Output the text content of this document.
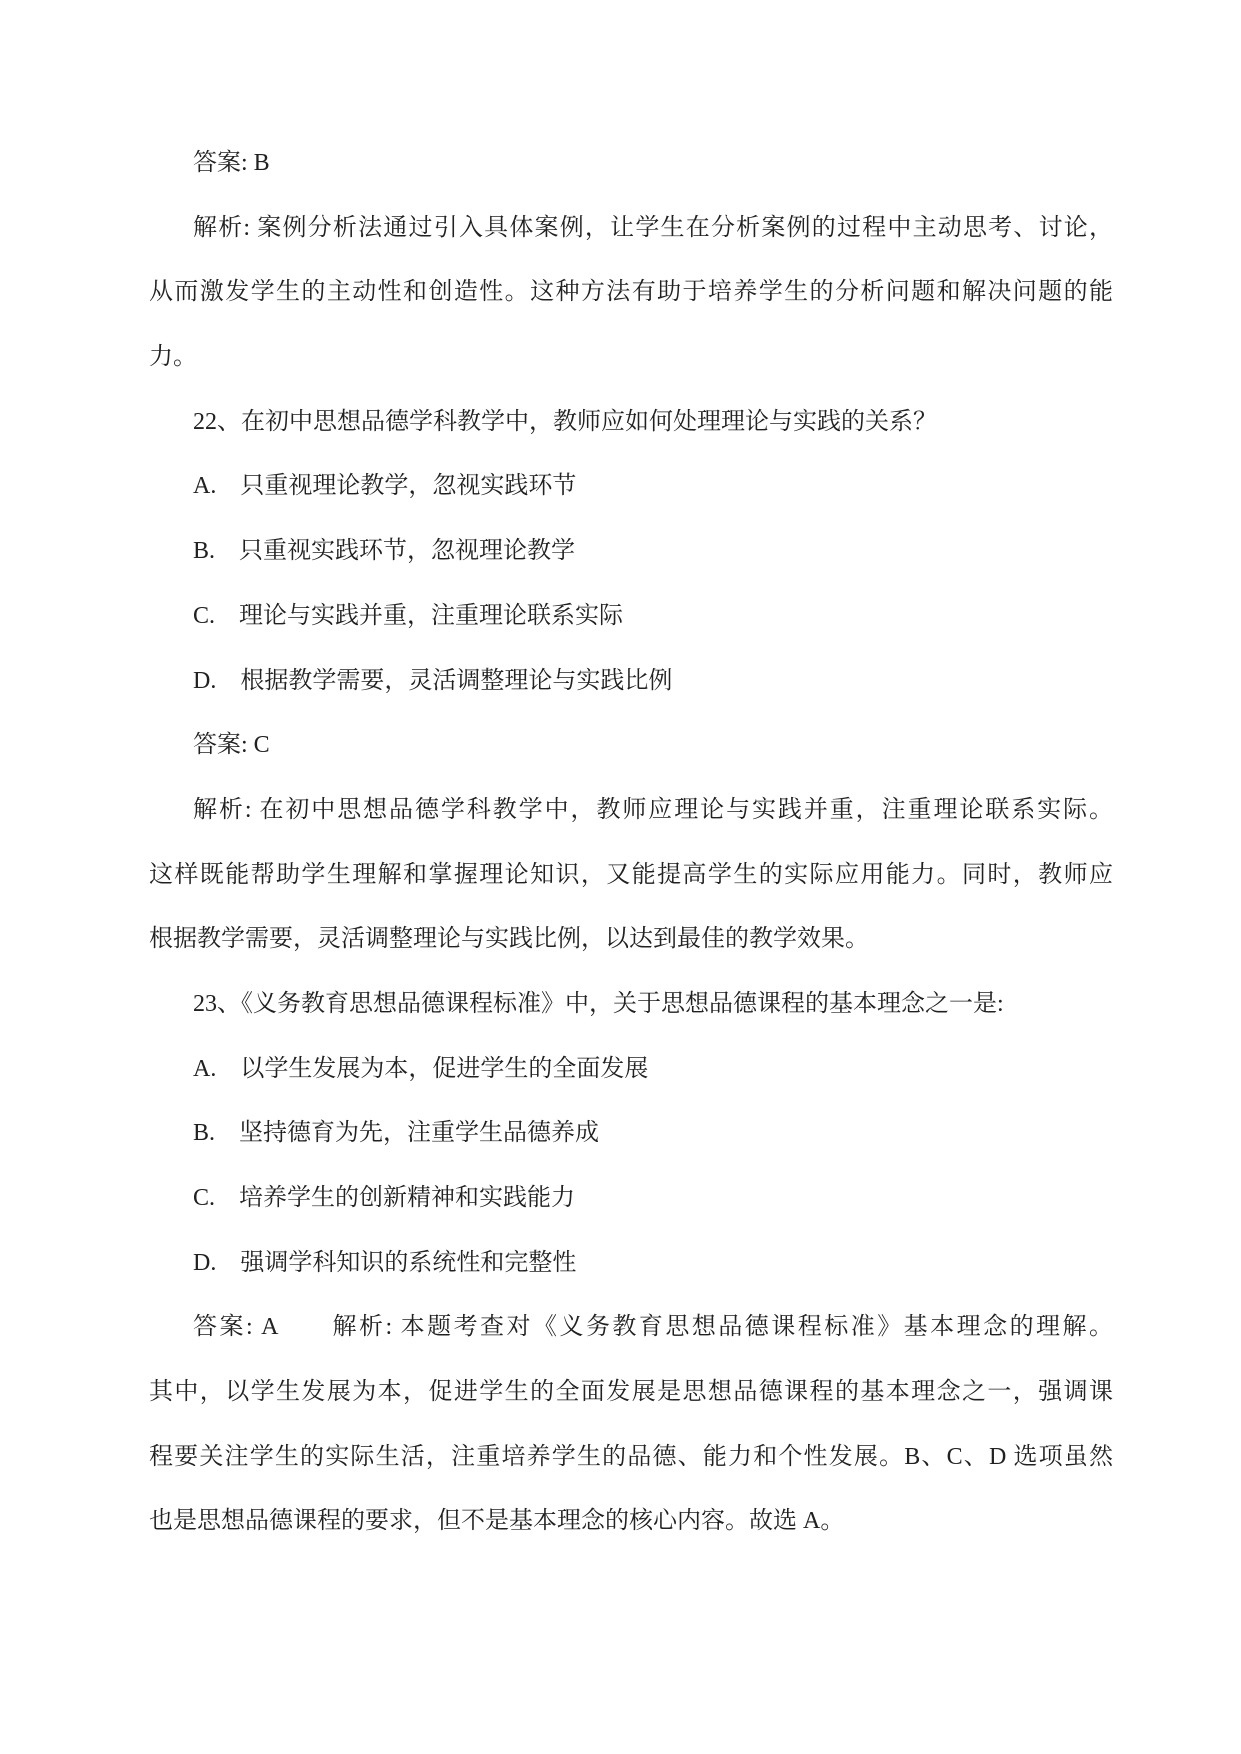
答案: B
解析: 案例分析法通过引入具体案例，让学生在分析案例的过程中主动思考、讨论，
从而激发学生的主动性和创造性。这种方法有助于培养学生的分析问题和解决问题的能
力。
22、在初中思想品德学科教学中，教师应如何处理理论与实践的关系？
A.　只重视理论教学，忽视实践环节
B.　只重视实践环节，忽视理论教学
C.　理论与实践并重，注重理论联系实际
D.　根据教学需要，灵活调整理论与实践比例
答案: C
解析: 在初中思想品德学科教学中，教师应理论与实践并重，注重理论联系实际。
这样既能帮助学生理解和掌握理论知识，又能提高学生的实际应用能力。同时，教师应
根据教学需要，灵活调整理论与实践比例，以达到最佳的教学效果。
23、《义务教育思想品德课程标准》中，关于思想品德课程的基本理念之一是:
A.　以学生发展为本，促进学生的全面发展
B.　坚持德育为先，注重学生品德养成
C.　培养学生的创新精神和实践能力
D.　强调学科知识的系统性和完整性
答案: A　　解析: 本题考查对《义务教育思想品德课程标准》基本理念的理解。
其中，以学生发展为本，促进学生的全面发展是思想品德课程的基本理念之一，强调课
程要关注学生的实际生活，注重培养学生的品德、能力和个性发展。B、C、D 选项虽然
也是思想品德课程的要求，但不是基本理念的核心内容。故选 A。
